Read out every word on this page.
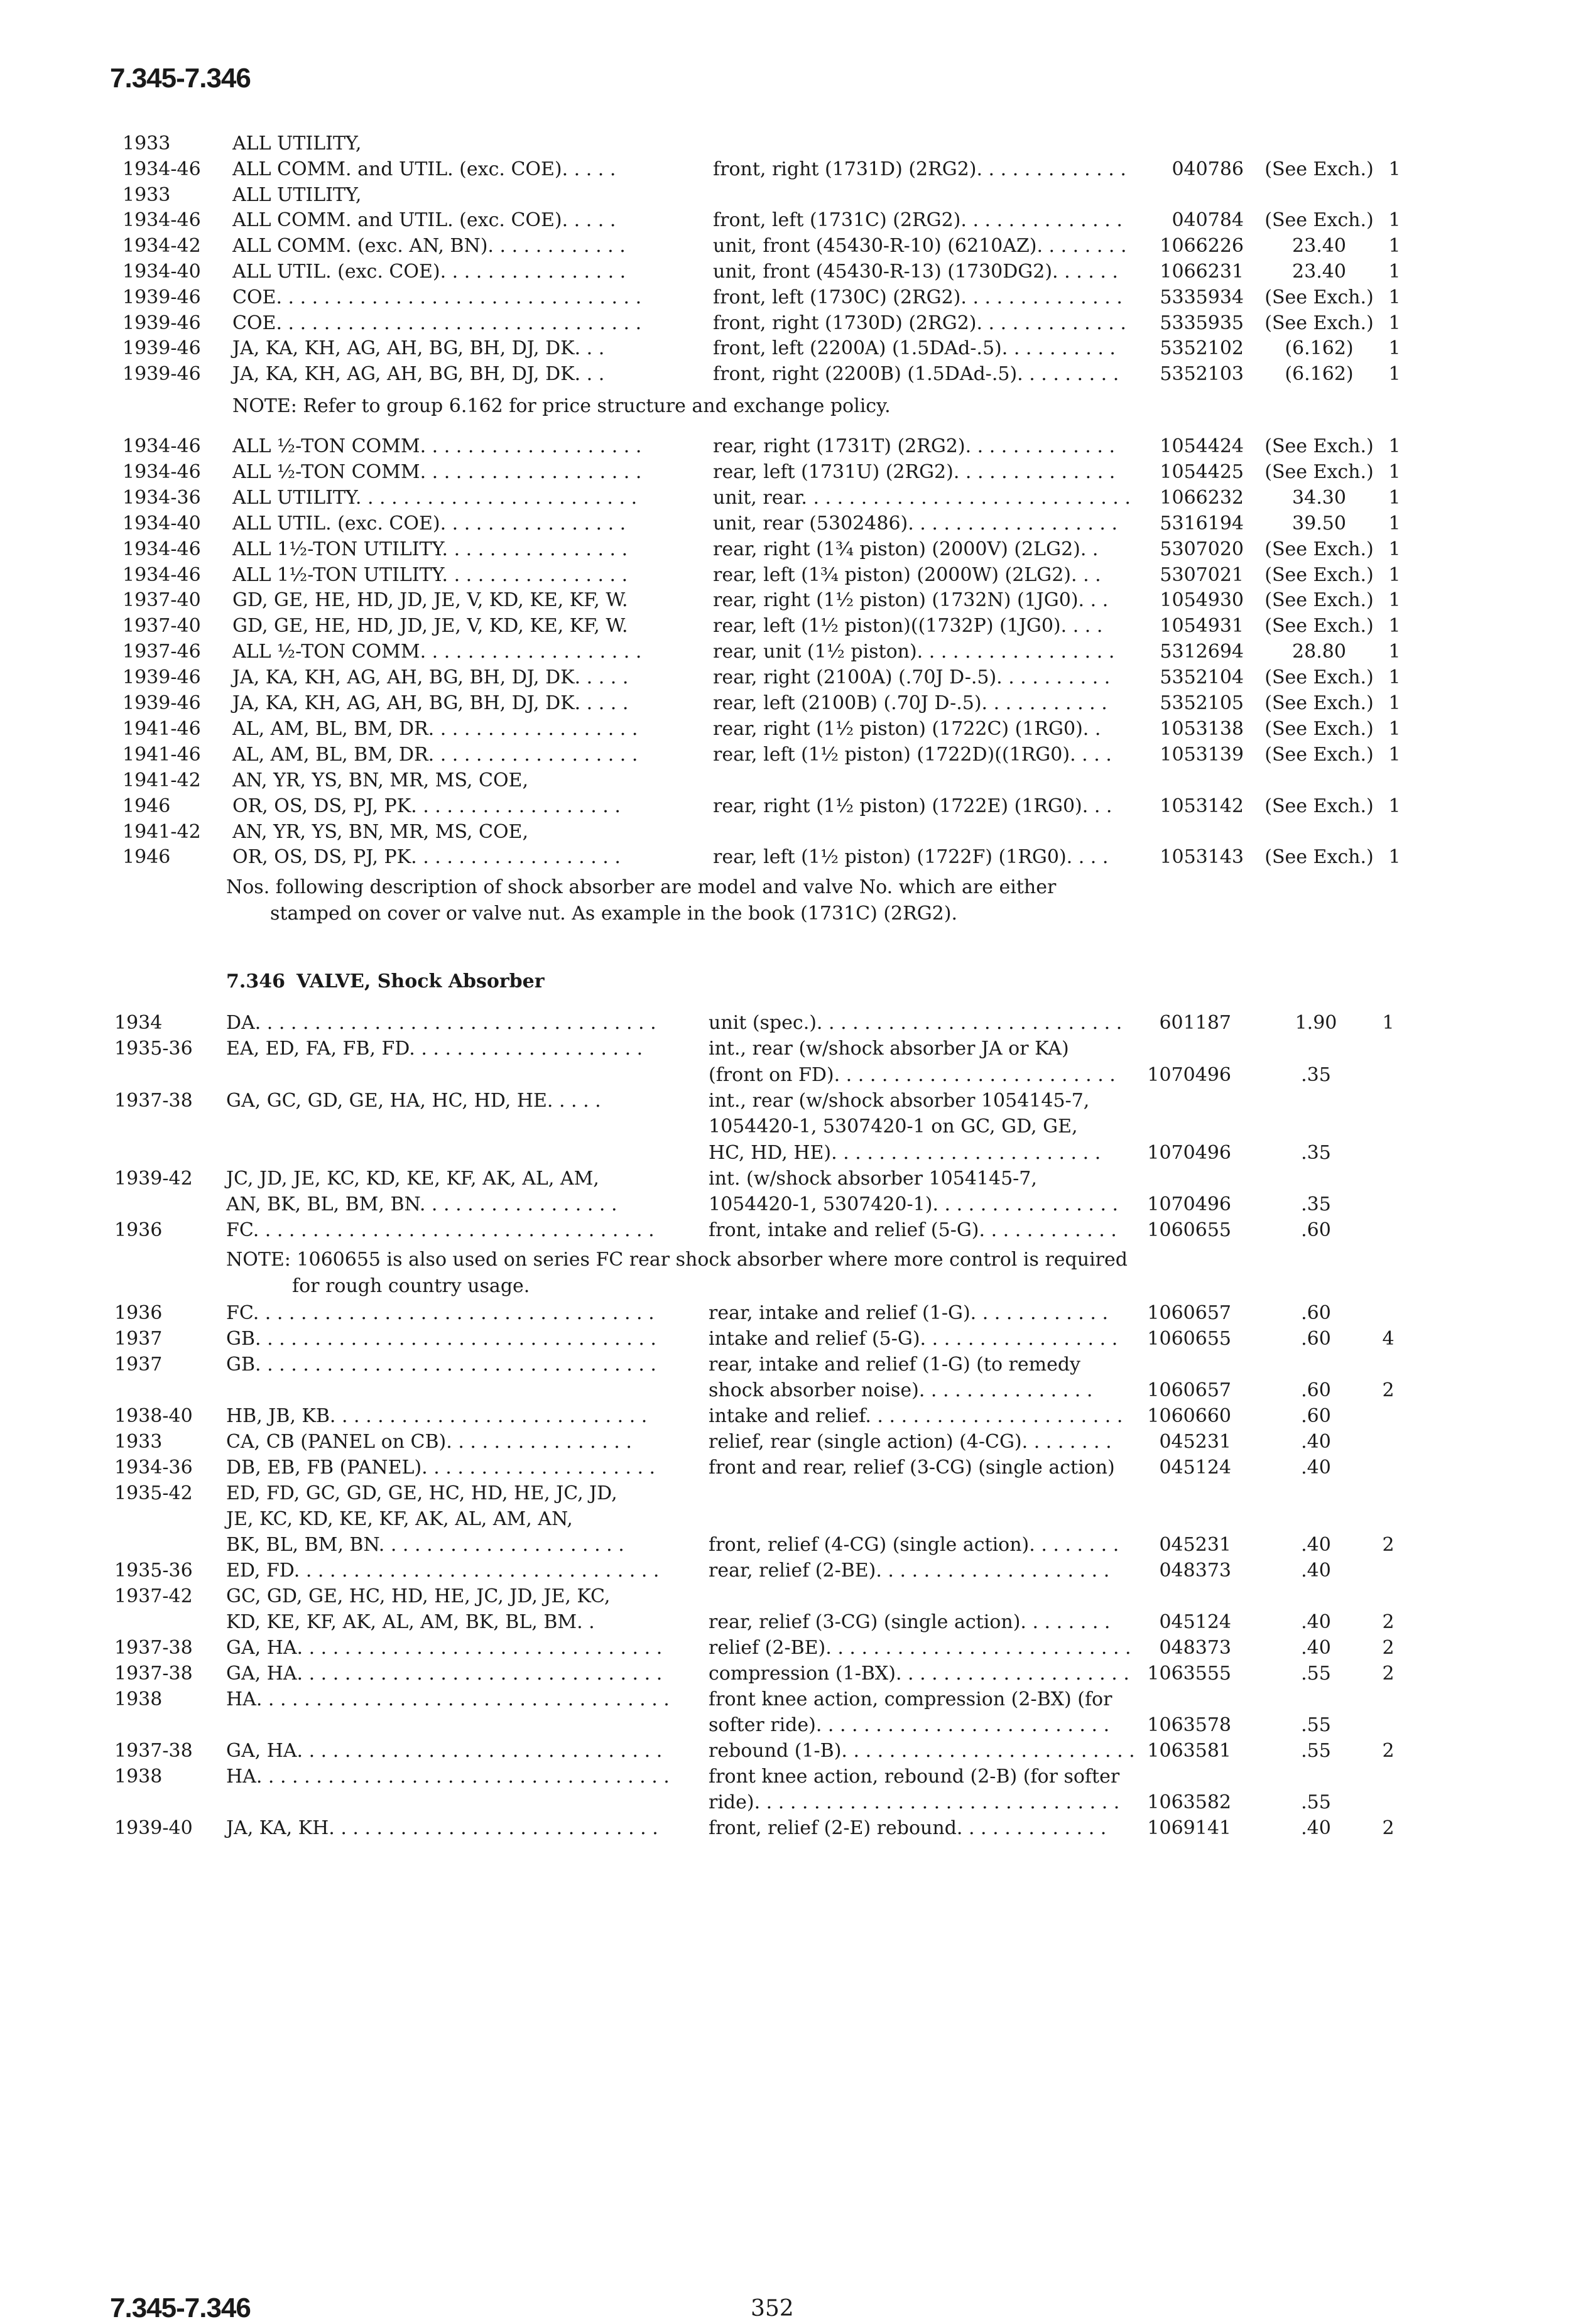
7.345-7.346
1933	ALL UTILITY,
1934-46 ALL COMM. and UTIL. (exc. COE). . . . .	front, right (1731D) (2RG2). . . . . . . . . . . . .	040786	(See Exch.) 1
1933	ALL UTILITY,
1934-46 ALL COMM. and UTIL. (exc. COE). . . . .	front, left (1731C) (2RG2). . . . . . . . . . . . . .	040784	(See Exch.) 1
1934-42 ALL COMM. (exc. AN, BN). . . . . . . . . . . .	unit, front (45430-R-10) (6210AZ). . . . . . . .	1066226	23.40	1
1934-40 ALL UTIL. (exc. COE). . . . . . . . . . . . . . . .	unit, front (45430-R-13) (1730DG2). . . . . .	1066231	23.40	1
1939-46 COE. . . . . . . . . . . . . . . . . . . . . . . . . . . . . . .	front, left (1730C) (2RG2). . . . . . . . . . . . . .	5335934	(See Exch.) 1
1939-46 COE. . . . . . . . . . . . . . . . . . . . . . . . . . . . . . .	front, right (1730D) (2RG2). . . . . . . . . . . . .	5335935	(See Exch.) 1
1939-46 JA, KA, KH, AG, AH, BG, BH, DJ, DK. . .	front, left (2200A) (1.5DAd-.5). . . . . . . . . .	5352102	(6.162)	1
1939-46 JA, KA, KH, AG, AH, BG, BH, DJ, DK. . .	front, right (2200B) (1.5DAd-.5). . . . . . . . .	5352103	(6.162)	1
NOTE: Refer to group 6.162 for price structure and exchange policy.
1934-46 ALL ½-TON COMM. . . . . . . . . . . . . . . . . . .	rear, right (1731T) (2RG2). . . . . . . . . . . . .	1054424	(See Exch.) 1
1934-46 ALL ½-TON COMM. . . . . . . . . . . . . . . . . . .	rear, left (1731U) (2RG2). . . . . . . . . . . . . .	1054425	(See Exch.) 1
1934-36 ALL UTILITY. . . . . . . . . . . . . . . . . . . . . . . .	unit, rear. . . . . . . . . . . . . . . . . . . . . . . . . . . .	1066232	34.30	1
1934-40 ALL UTIL. (exc. COE). . . . . . . . . . . . . . . .	unit, rear (5302486). . . . . . . . . . . . . . . . . .	5316194	39.50	1
1934-46 ALL 1½-TON UTILITY. . . . . . . . . . . . . . . .	rear, right (1¾ piston) (2000V) (2LG2). .	5307020	(See Exch.) 1
1934-46 ALL 1½-TON UTILITY. . . . . . . . . . . . . . . .	rear, left (1¾ piston) (2000W) (2LG2). . .	5307021	(See Exch.) 1
1937-40 GD, GE, HE, HD, JD, JE, V, KD, KE, KF, W.	rear, right (1½ piston) (1732N) (1JG0). . .	1054930	(See Exch.) 1
1937-40 GD, GE, HE, HD, JD, JE, V, KD, KE, KF, W.	rear, left (1½ piston)((1732P) (1JG0). . . .	1054931	(See Exch.) 1
1937-46 ALL ½-TON COMM. . . . . . . . . . . . . . . . . . .	rear, unit (1½ piston). . . . . . . . . . . . . . . . .	5312694	28.80	1
1939-46 JA, KA, KH, AG, AH, BG, BH, DJ, DK. . . . .	rear, right (2100A) (.70J D-.5). . . . . . . . . .	5352104	(See Exch.) 1
1939-46 JA, KA, KH, AG, AH, BG, BH, DJ, DK. . . . .	rear, left (2100B) (.70J D-.5). . . . . . . . . . .	5352105	(See Exch.) 1
1941-46 AL, AM, BL, BM, DR. . . . . . . . . . . . . . . . . .	rear, right (1½ piston) (1722C) (1RG0). .	1053138	(See Exch.) 1
1941-46 AL, AM, BL, BM, DR. . . . . . . . . . . . . . . . . .	rear, left (1½ piston) (1722D)((1RG0). . . .	1053139	(See Exch.) 1
1941-42 AN, YR, YS, BN, MR, MS, COE,
1946	OR, OS, DS, PJ, PK. . . . . . . . . . . . . . . . . .	rear, right (1½ piston) (1722E) (1RG0). . .	1053142	(See Exch.) 1
1941-42 AN, YR, YS, BN, MR, MS, COE,
1946	OR, OS, DS, PJ, PK. . . . . . . . . . . . . . . . . .	rear, left (1½ piston) (1722F) (1RG0). . . .	1053143	(See Exch.) 1
Nos. following description of shock absorber are model and valve No. which are either
stamped on cover or valve nut. As example in the book (1731C) (2RG2).
7.346 VALVE, Shock Absorber
1934	DA. . . . . . . . . . . . . . . . . . . . . . . . . . . . . . . . . .	unit (spec.). . . . . . . . . . . . . . . . . . . . . . . . . .	601187	1.90	1
1935-36 EA, ED, FA, FB, FD. . . . . . . . . . . . . . . . . . . .	int., rear (w/shock absorber JA or KA)
(front on FD). . . . . . . . . . . . . . . . . . . . . . . .	1070496	.35
1937-38 GA, GC, GD, GE, HA, HC, HD, HE. . . . .	int., rear (w/shock absorber 1054145-7,
1054420-1, 5307420-1 on GC, GD, GE,
HC, HD, HE). . . . . . . . . . . . . . . . . . . . . . .	1070496	.35
1939-42 JC, JD, JE, KC, KD, KE, KF, AK, AL, AM,	int. (w/shock absorber 1054145-7,
AN, BK, BL, BM, BN. . . . . . . . . . . . . . . . .	1054420-1, 5307420-1). . . . . . . . . . . . . . . .	1070496	.35
1936	FC. . . . . . . . . . . . . . . . . . . . . . . . . . . . . . . . . .	front, intake and relief (5-G). . . . . . . . . . . .	1060655	.60
NOTE: 1060655 is also used on series FC rear shock absorber where more control is required
for rough country usage.
1936	FC. . . . . . . . . . . . . . . . . . . . . . . . . . . . . . . . . .	rear, intake and relief (1-G). . . . . . . . . . . .	1060657	.60
1937	GB. . . . . . . . . . . . . . . . . . . . . . . . . . . . . . . . . .	intake and relief (5-G). . . . . . . . . . . . . . . . .	1060655	.60	4
1937	GB. . . . . . . . . . . . . . . . . . . . . . . . . . . . . . . . . .	rear, intake and relief (1-G) (to remedy
shock absorber noise). . . . . . . . . . . . . . .	1060657	.60	2
1938-40 HB, JB, KB. . . . . . . . . . . . . . . . . . . . . . . . . . .	intake and relief. . . . . . . . . . . . . . . . . . . . . .	1060660	.60
1933	CA, CB (PANEL on CB). . . . . . . . . . . . . . . .	relief, rear (single action) (4-CG). . . . . . . .	045231	.40
1934-36 DB, EB, FB (PANEL). . . . . . . . . . . . . . . . . . . .	front and rear, relief (3-CG) (single action)	045124	.40
1935-42 ED, FD, GC, GD, GE, HC, HD, HE, JC, JD,
JE, KC, KD, KE, KF, AK, AL, AM, AN,
BK, BL, BM, BN. . . . . . . . . . . . . . . . . . . . .	front, relief (4-CG) (single action). . . . . . . .	045231	.40	2
1935-36 ED, FD. . . . . . . . . . . . . . . . . . . . . . . . . . . . . . .	rear, relief (2-BE). . . . . . . . . . . . . . . . . . . .	048373	.40
1937-42 GC, GD, GE, HC, HD, HE, JC, JD, JE, KC,
KD, KE, KF, AK, AL, AM, BK, BL, BM. .	rear, relief (3-CG) (single action). . . . . . . .	045124	.40	2
1937-38 GA, HA. . . . . . . . . . . . . . . . . . . . . . . . . . . . . . . relief (2-BE). . . . . . . . . . . . . . . . . . . . . . . . . .	048373	.40	2
1937-38 GA, HA. . . . . . . . . . . . . . . . . . . . . . . . . . . . . . . compression (1-BX). . . . . . . . . . . . . . . . . . . . 1063555	.55	2
1938	HA. . . . . . . . . . . . . . . . . . . . . . . . . . . . . . . . . . . front knee action, compression (2-BX) (for
softer ride). . . . . . . . . . . . . . . . . . . . . . . . .	1063578	.55
1937-38 GA, HA. . . . . . . . . . . . . . . . . . . . . . . . . . . . . . . rebound (1-B). . . . . . . . . . . . . . . . . . . . . . . . . 1063581	.55	2
1938	HA. . . . . . . . . . . . . . . . . . . . . . . . . . . . . . . . . . . front knee action, rebound (2-B) (for softer
ride). . . . . . . . . . . . . . . . . . . . . . . . . . . . . . .	1063582	.55
1939-40 JA, KA, KH. . . . . . . . . . . . . . . . . . . . . . . . . . . .	front, relief (2-E) rebound. . . . . . . . . . . . .	1069141	.40	2
7.345-7.346	352
